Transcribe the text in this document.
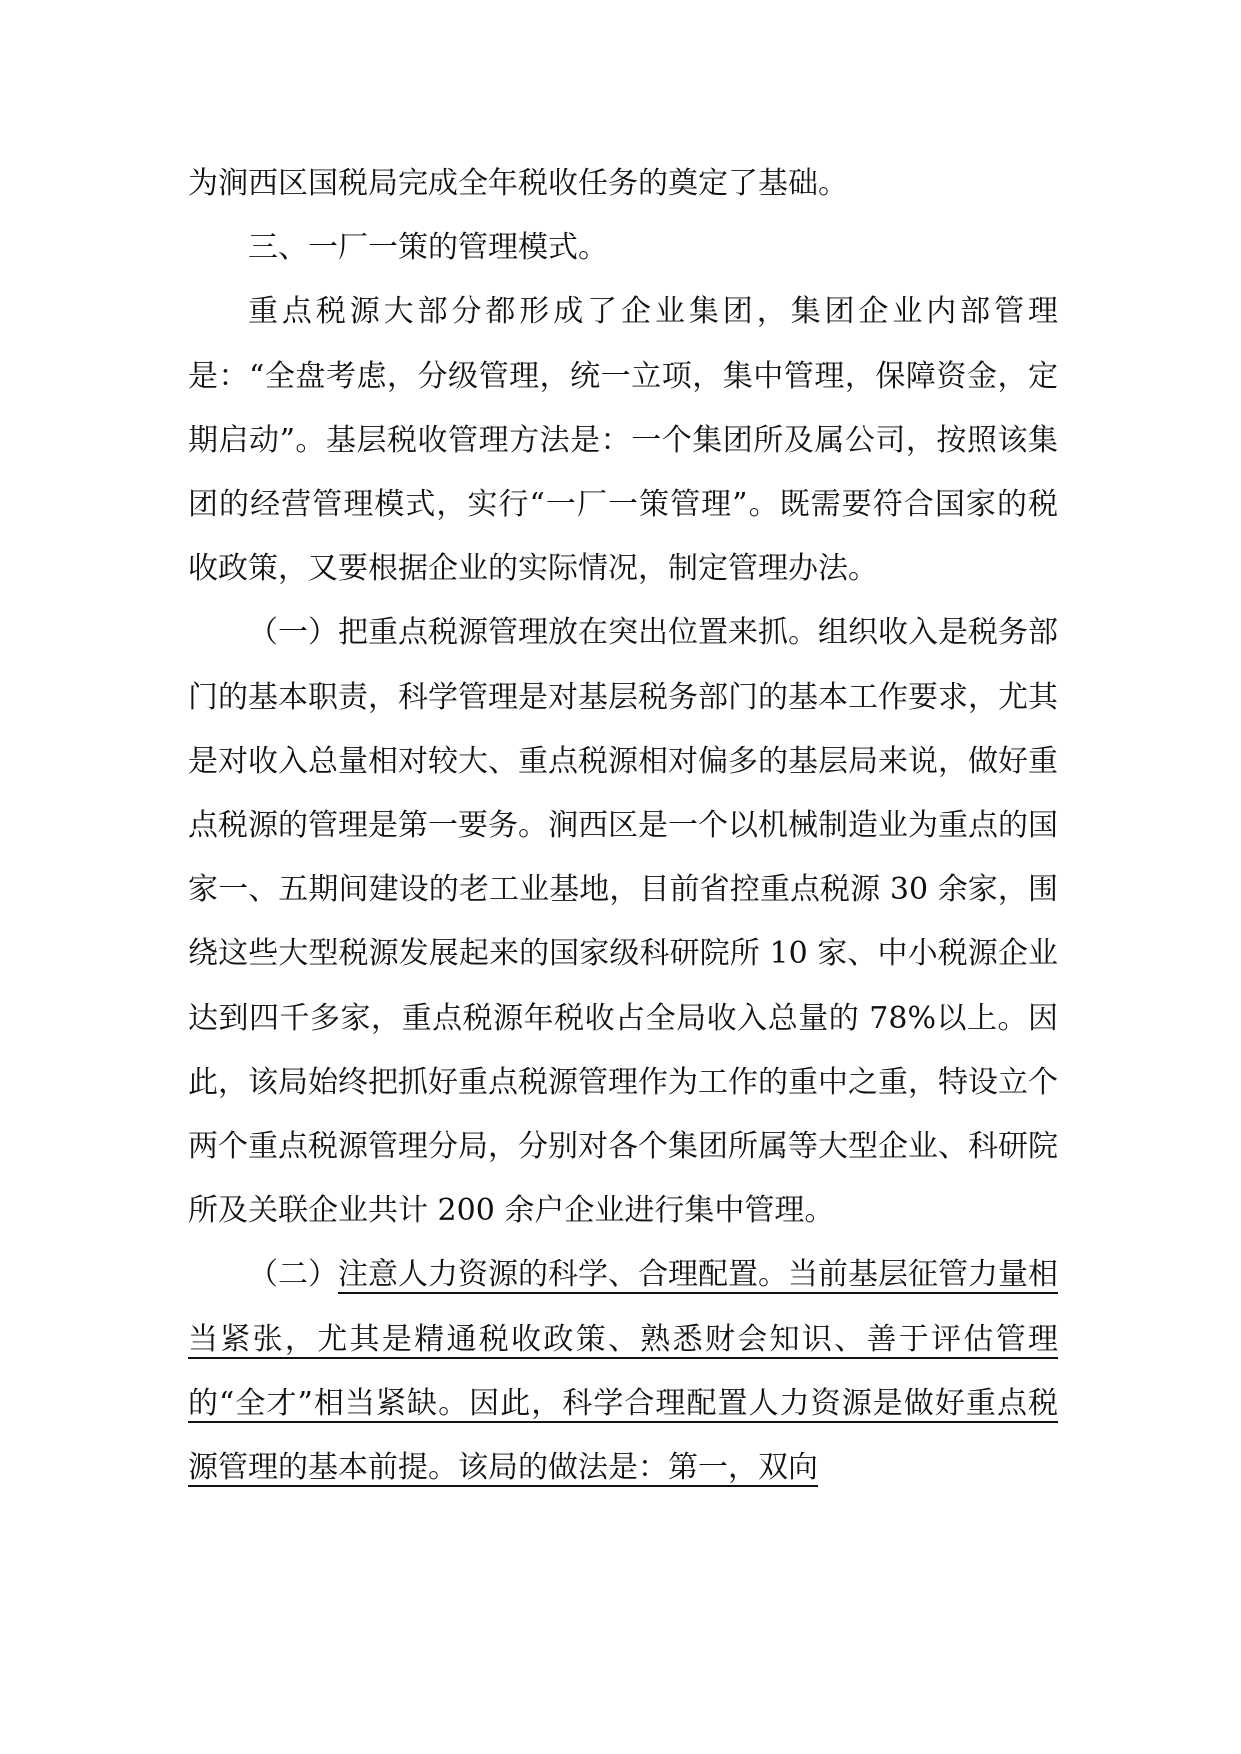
为涧西区国税局完成全年税收任务的奠定了基础。

三、一厂一策的管理模式。

重点税源大部分都形成了企业集团，集团企业内部管理是：“全盘考虑，分级管理，统一立项，集中管理，保障资金，定期启动”。基层税收管理方法是：一个集团所及属公司，按照该集团的经营管理模式，实行“一厂一策管理”。既需要符合国家的税收政策，又要根据企业的实际情况，制定管理办法。

（一）把重点税源管理放在突出位置来抓。组织收入是税务部门的基本职责，科学管理是对基层税务部门的基本工作要求，尤其是对收入总量相对较大、重点税源相对偏多的基层局来说，做好重点税源的管理是第一要务。涧西区是一个以机械制造业为重点的国家一、五期间建设的老工业基地，目前省控重点税源 30 余家，围绕这些大型税源发展起来的国家级科研院所 10 家、中小税源企业达到四千多家，重点税源年税收占全局收入总量的 78%以上。因此，该局始终把抓好重点税源管理作为工作的重中之重，特设立个两个重点税源管理分局，分别对各个集团所属等大型企业、科研院所及关联企业共计 200 余户企业进行集中管理。

（二）注意人力资源的科学、合理配置。当前基层征管力量相当紧张，尤其是精通税收政策、熟悉财会知识、善于评估管理的“全才”相当紧缺。因此，科学合理配置人力资源是做好重点税源管理的基本前提。该局的做法是：第一，双向
